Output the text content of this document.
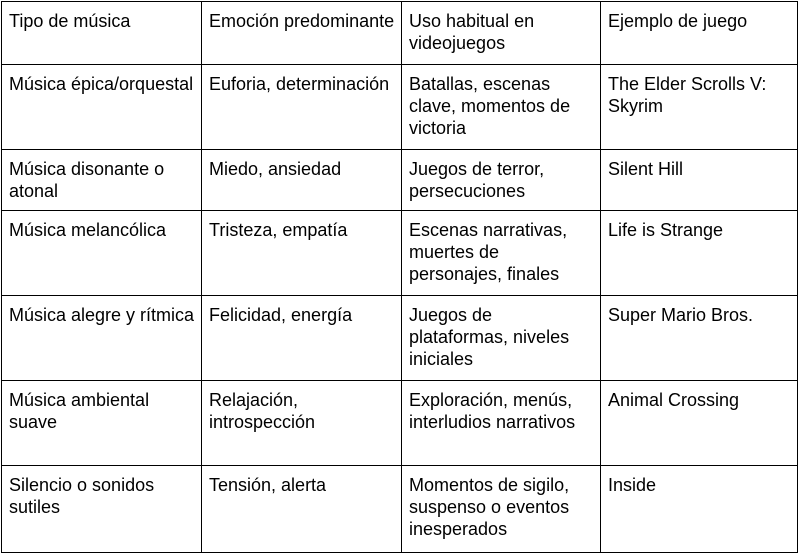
Tipo de música	Emoción predominante	Uso habitual en videojuegos	Ejemplo de juego
Música épica/orquestal	Euforia, determinación	Batallas, escenas clave, momentos de victoria	The Elder Scrolls V: Skyrim
Música disonante o atonal	Miedo, ansiedad	Juegos de terror, persecuciones	Silent Hill
Música melancólica	Tristeza, empatía	Escenas narrativas, muertes de personajes, finales	Life is Strange
Música alegre y rítmica	Felicidad, energía	Juegos de plataformas, niveles iniciales	Super Mario Bros.
Música ambiental suave	Relajación, introspección	Exploración, menús, interludios narrativos	Animal Crossing
Silencio o sonidos sutiles	Tensión, alerta	Momentos de sigilo, suspenso o eventos inesperados	Inside
